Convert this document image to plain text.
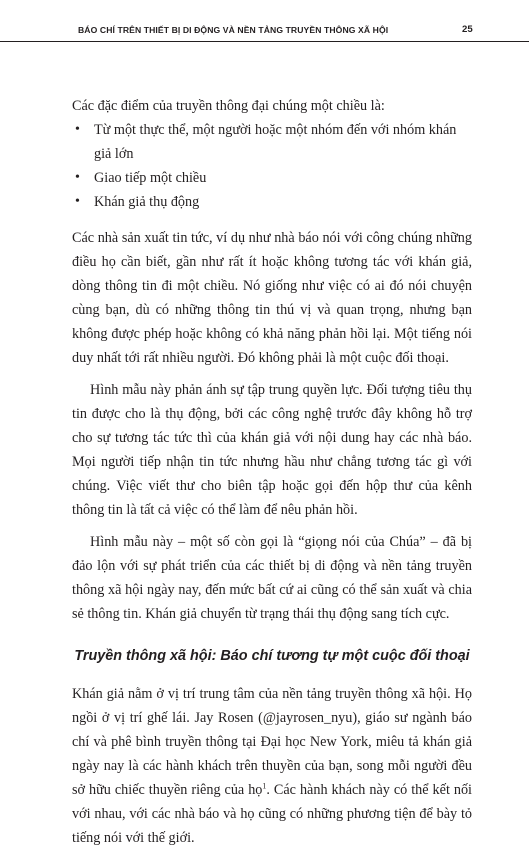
BÁO CHÍ TRÊN THIẾT BỊ DI ĐỘNG VÀ NỀN TẢNG TRUYỀN THÔNG XÃ HỘI	25

Các đặc điểm của truyền thông đại chúng một chiều là:

• Từ một thực thể, một người hoặc một nhóm đến với nhóm khán giả lớn
• Giao tiếp một chiều
• Khán giả thụ động

Các nhà sản xuất tin tức, ví dụ như nhà báo nói với công chúng những điều họ cần biết, gần như rất ít hoặc không tương tác với khán giả, dòng thông tin đi một chiều. Nó giống như việc có ai đó nói chuyện cùng bạn, dù có những thông tin thú vị và quan trọng, nhưng bạn không được phép hoặc không có khả năng phản hồi lại. Một tiếng nói duy nhất tới rất nhiều người. Đó không phải là một cuộc đối thoại.

Hình mẫu này phản ánh sự tập trung quyền lực. Đối tượng tiêu thụ tin được cho là thụ động, bởi các công nghệ trước đây không hỗ trợ cho sự tương tác tức thì của khán giả với nội dung hay các nhà báo. Mọi người tiếp nhận tin tức nhưng hầu như chẳng tương tác gì với chúng. Việc viết thư cho biên tập hoặc gọi đến hộp thư của kênh thông tin là tất cả việc có thể làm để nêu phản hồi.

Hình mẫu này – một số còn gọi là “giọng nói của Chúa” – đã bị đảo lộn với sự phát triển của các thiết bị di động và nền tảng truyền thông xã hội ngày nay, đến mức bất cứ ai cũng có thể sản xuất và chia sẻ thông tin. Khán giả chuyển từ trạng thái thụ động sang tích cực.

Truyền thông xã hội: Báo chí tương tự một cuộc đối thoại

Khán giả nằm ở vị trí trung tâm của nền tảng truyền thông xã hội. Họ ngồi ở vị trí ghế lái. Jay Rosen (@jayrosen_nyu), giáo sư ngành báo chí và phê bình truyền thông tại Đại học New York, miêu tả khán giả ngày nay là các hành khách trên thuyền của bạn, song mỗi người đều sở hữu chiếc thuyền riêng của họ$^1$. Các hành khách này có thể kết nối với nhau, với các nhà báo và họ cũng có những phương tiện để bày tỏ tiếng nói với thế giới.
